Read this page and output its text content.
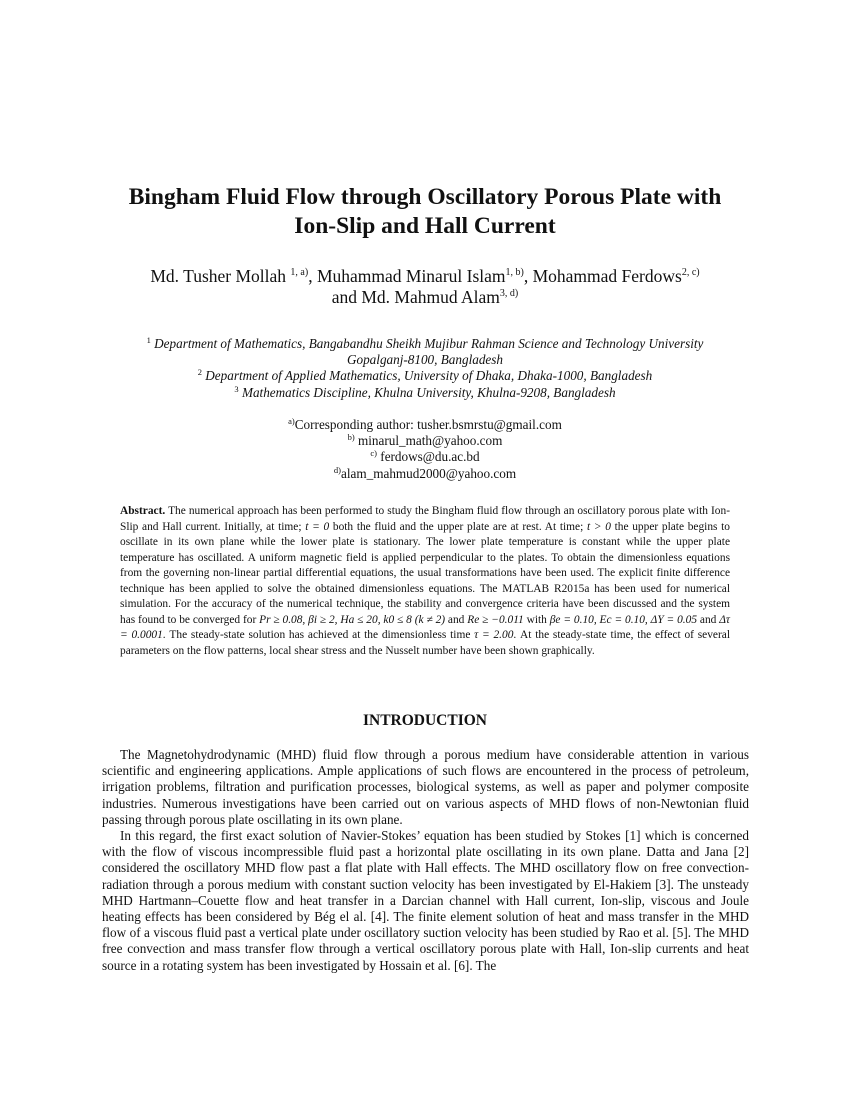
Bingham Fluid Flow through Oscillatory Porous Plate with
Ion-Slip and Hall Current
Md. Tusher Mollah $^{1, a)}$, Muhammad Minarul Islam$^{1, b)}$, Mohammad Ferdows$^{2, c)}$
and Md. Mahmud Alam$^{3, d)}$
$^1$ Department of Mathematics, Bangabandhu Sheikh Mujibur Rahman Science and Technology University
Gopalganj-8100, Bangladesh
$^2$ Department of Applied Mathematics, University of Dhaka, Dhaka-1000, Bangladesh
$^3$ Mathematics Discipline, Khulna University, Khulna-9208, Bangladesh
$^{a)}$Corresponding author: tusher.bsmrstu@gmail.com
$^{b)}$ minarul_math@yahoo.com
$^{c)}$ ferdows@du.ac.bd
$^{d)}$alam_mahmud2000@yahoo.com
Abstract. The numerical approach has been performed to study the Bingham fluid flow through an oscillatory porous plate with Ion-Slip and Hall current. Initially, at time; t = 0 both the fluid and the upper plate are at rest. At time; t > 0 the upper plate begins to oscillate in its own plane while the lower plate is stationary. The lower plate temperature is constant while the upper plate temperature has oscillated. A uniform magnetic field is applied perpendicular to the plates. To obtain the dimensionless equations from the governing non-linear partial differential equations, the usual transformations have been used. The explicit finite difference technique has been applied to solve the obtained dimensionless equations. The MATLAB R2015a has been used for numerical simulation. For the accuracy of the numerical technique, the stability and convergence criteria have been discussed and the system has found to be converged for Pr ≥ 0.08, βi ≥ 2, Ha ≤ 20, k0 ≤ 8 (k ≠ 2) and Re ≥ −0.011 with βe = 0.10, Ec = 0.10, ΔY = 0.05 and Δτ = 0.0001. The steady-state solution has achieved at the dimensionless time τ = 2.00. At the steady-state time, the effect of several parameters on the flow patterns, local shear stress and the Nusselt number have been shown graphically.
INTRODUCTION

The Magnetohydrodynamic (MHD) fluid flow through a porous medium have considerable attention in various scientific and engineering applications. Ample applications of such flows are encountered in the process of petroleum, irrigation problems, filtration and purification processes, biological systems, as well as paper and polymer composite industries. Numerous investigations have been carried out on various aspects of MHD flows of non-Newtonian fluid passing through porous plate oscillating in its own plane.

In this regard, the first exact solution of Navier-Stokes’ equation has been studied by Stokes [1] which is concerned with the flow of viscous incompressible fluid past a horizontal plate oscillating in its own plane. Datta and Jana [2] considered the oscillatory MHD flow past a flat plate with Hall effects. The MHD oscillatory flow on free convection-radiation through a porous medium with constant suction velocity has been investigated by El-Hakiem [3]. The unsteady MHD Hartmann–Couette flow and heat transfer in a Darcian channel with Hall current, Ion-slip, viscous and Joule heating effects has been considered by Bég el al. [4]. The finite element solution of heat and mass transfer in the MHD flow of a viscous fluid past a vertical plate under oscillatory suction velocity has been studied by Rao et al. [5]. The MHD free convection and mass transfer flow through a vertical oscillatory porous plate with Hall, Ion-slip currents and heat source in a rotating system has been investigated by Hossain et al. [6]. The
